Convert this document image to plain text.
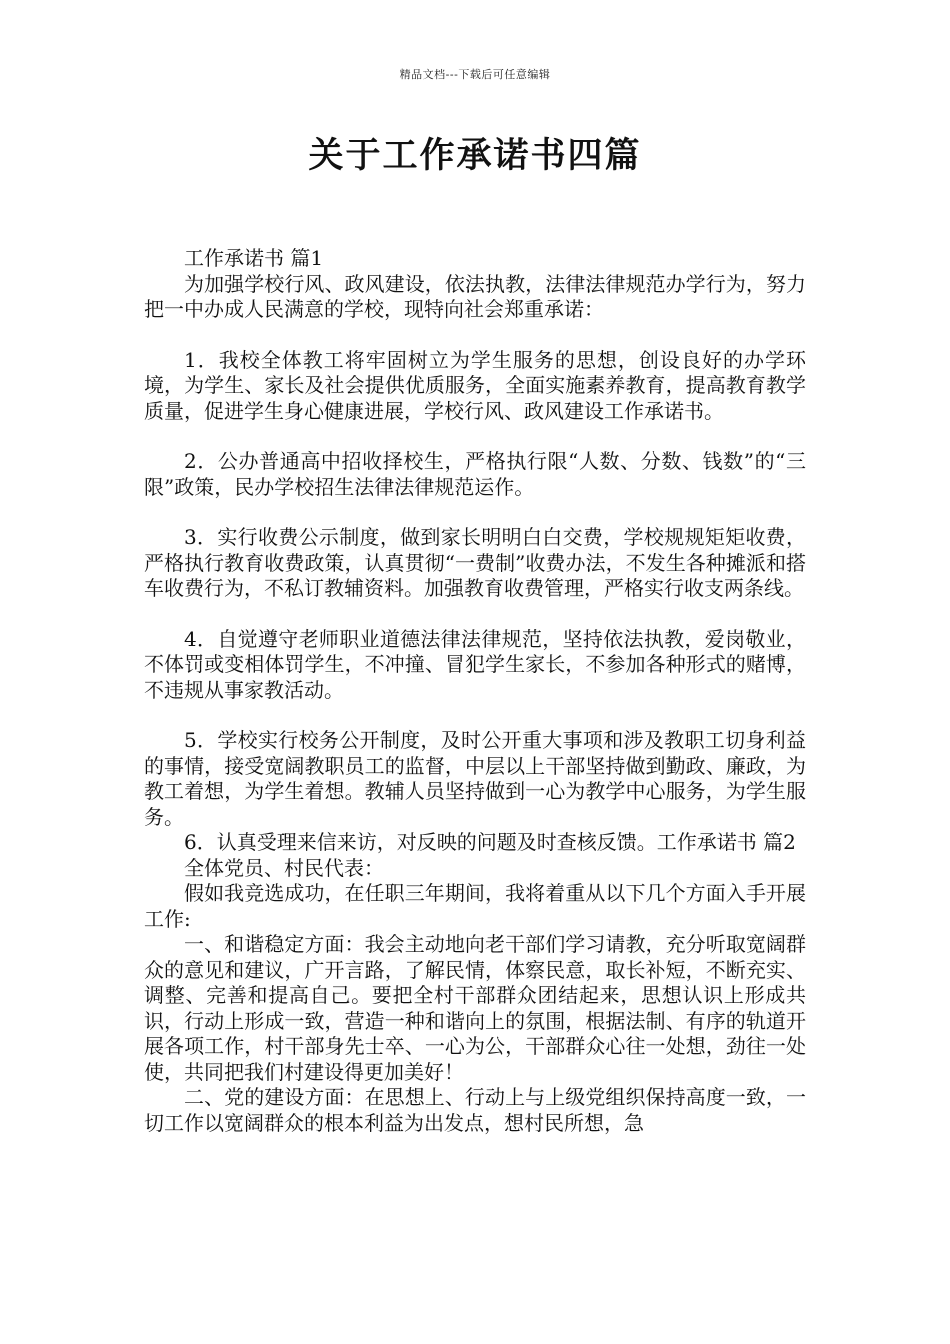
精品文档---下载后可任意编辑
关于工作承诺书四篇

工作承诺书 篇1

为加强学校行风、政风建设，依法执教，法律法律规范办学行为，努力把一中办成人民满意的学校，现特向社会郑重承诺：

1．我校全体教工将牢固树立为学生服务的思想，创设良好的办学环境，为学生、家长及社会提供优质服务，全面实施素养教育，提高教育教学质量，促进学生身心健康进展，学校行风、政风建设工作承诺书。

2．公办普通高中招收择校生，严格执行限“人数、分数、钱数”的“三限”政策，民办学校招生法律法律规范运作。

3．实行收费公示制度，做到家长明明白白交费，学校规规矩矩收费，严格执行教育收费政策，认真贯彻“一费制”收费办法，不发生各种摊派和搭车收费行为，不私订教辅资料。加强教育收费管理，严格实行收支两条线。

4．自觉遵守老师职业道德法律法律规范，坚持依法执教，爱岗敬业，不体罚或变相体罚学生，不冲撞、冒犯学生家长，不参加各种形式的赌博，不违规从事家教活动。

5．学校实行校务公开制度，及时公开重大事项和涉及教职工切身利益的事情，接受宽阔教职员工的监督，中层以上干部坚持做到勤政、廉政，为教工着想，为学生着想。教辅人员坚持做到一心为教学中心服务，为学生服务。

6．认真受理来信来访，对反映的问题及时查核反馈。工作承诺书 篇2

全体党员、村民代表：

假如我竞选成功，在任职三年期间，我将着重从以下几个方面入手开展工作:

一、和谐稳定方面：我会主动地向老干部们学习请教，充分听取宽阔群众的意见和建议，广开言路，了解民情，体察民意，取长补短，不断充实、调整、完善和提高自己。要把全村干部群众团结起来，思想认识上形成共识，行动上形成一致，营造一种和谐向上的氛围，根据法制、有序的轨道开展各项工作，村干部身先士卒、一心为公，干部群众心往一处想，劲往一处使，共同把我们村建设得更加美好！

二、党的建设方面：在思想上、行动上与上级党组织保持高度一致，一切工作以宽阔群众的根本利益为出发点，想村民所想，急
